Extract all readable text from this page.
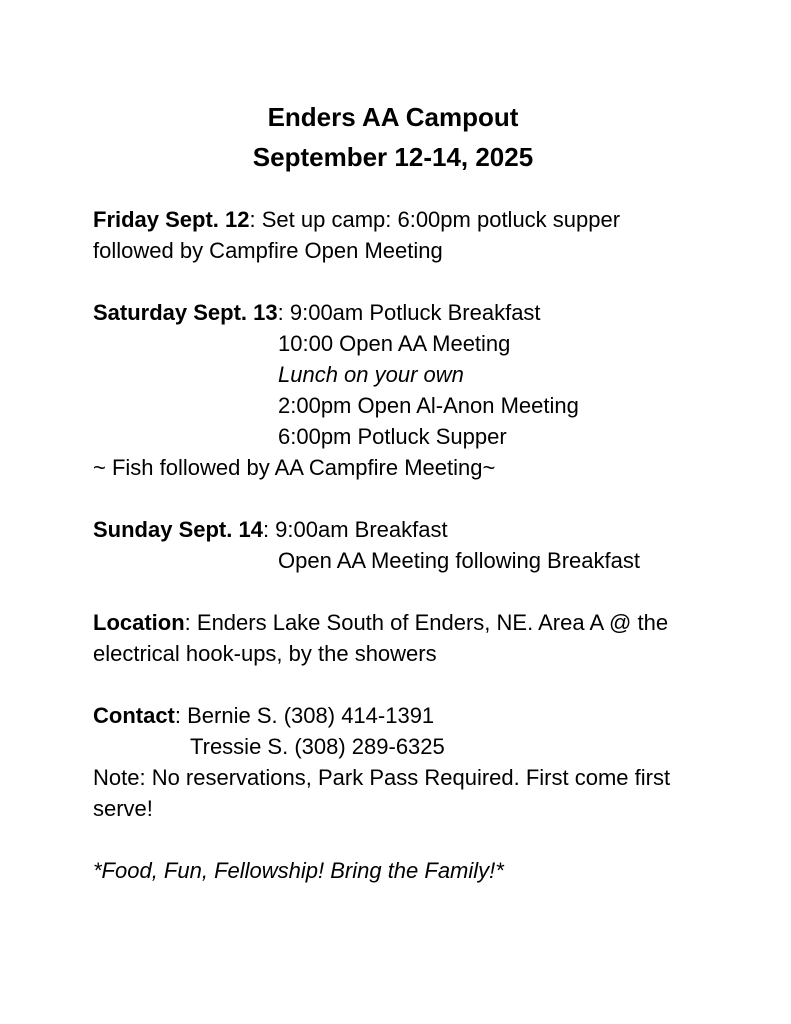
Enders AA Campout
September 12-14, 2025
Friday Sept. 12: Set up camp: 6:00pm potluck supper followed by Campfire Open Meeting
Saturday Sept. 13: 9:00am Potluck Breakfast
10:00 Open AA Meeting
Lunch on your own
2:00pm Open Al-Anon Meeting
6:00pm Potluck Supper
~ Fish followed by AA Campfire Meeting~
Sunday Sept. 14: 9:00am Breakfast
Open AA Meeting following Breakfast
Location: Enders Lake South of Enders, NE. Area A @ the electrical hook-ups, by the showers
Contact: Bernie S. (308) 414-1391
Tressie S. (308) 289-6325
Note: No reservations, Park Pass Required. First come first serve!
*Food, Fun, Fellowship! Bring the Family!*
